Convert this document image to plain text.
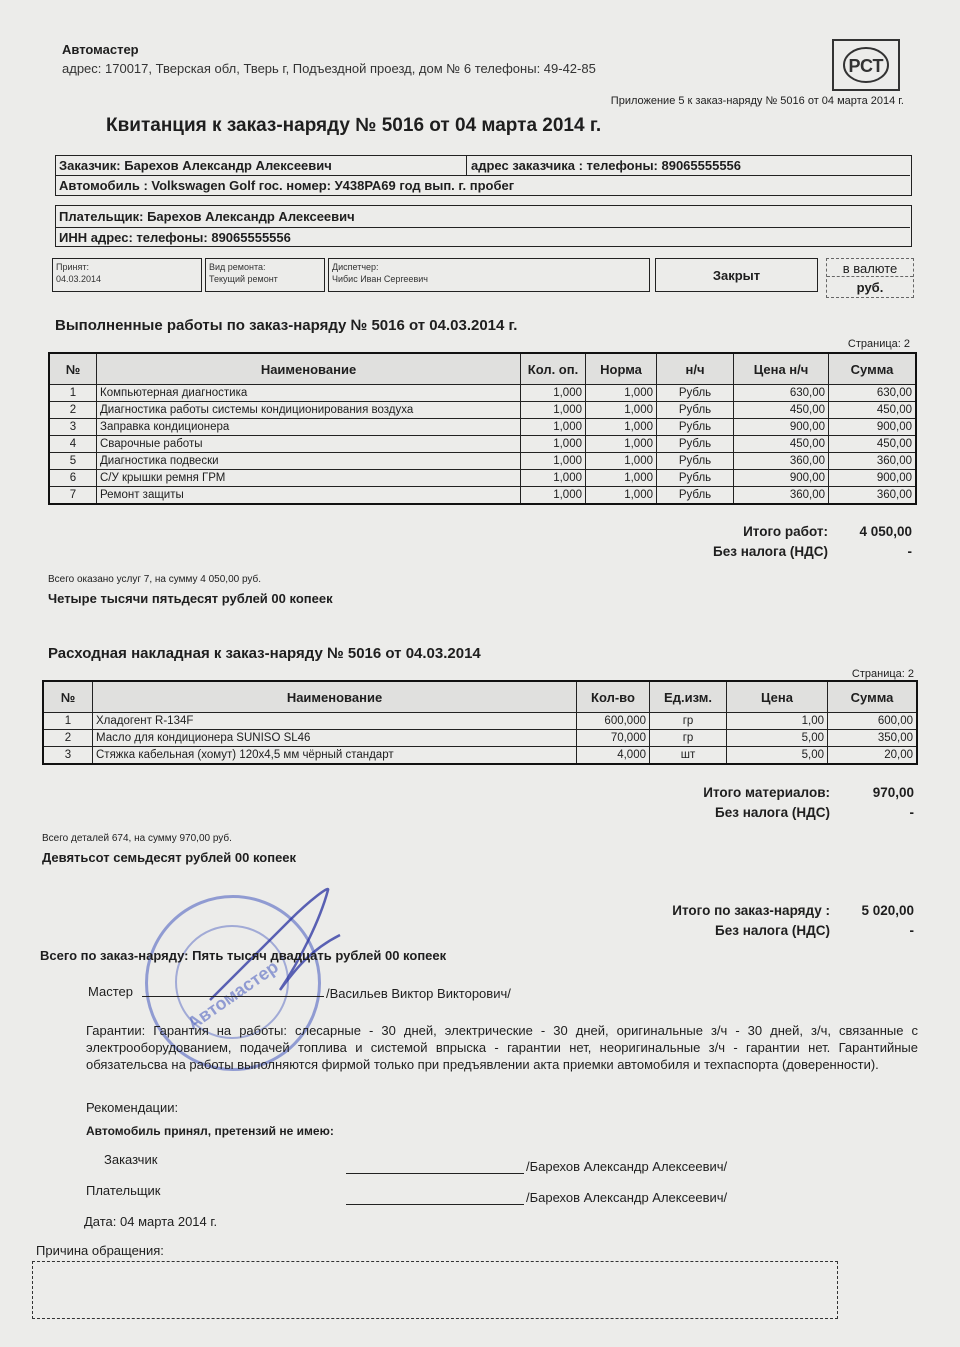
Автомастер
адрес: 170017, Тверская обл, Тверь г, Подъездной проезд, дом № 6 телефоны: 49-42-85	РСТ
Приложение 5 к заказ-наряду № 5016 от 04 марта 2014 г.
Квитанция к заказ-наряду № 5016 от 04 марта 2014 г.
Заказчик: Барехов Александр Алексеевич	адрес заказчика : телефоны: 89065555556
Автомобиль : Volkswagen Golf гос. номер: У438РА69 год вып. г. пробег
Плательщик: Барехов Александр Алексеевич
ИНН адрес: телефоны: 89065555556
Принят:
04.03.2014
Вид ремонта:
Текущий ремонт
Диспетчер:
Чибис Иван Сергеевич	Закрыт	в валюте
руб.
Выполненные работы по заказ-наряду № 5016 от 04.03.2014 г.
Страница: 2
№	Наименование	Кол. оп.	Норма	н/ч	Цена н/ч	Сумма
1	Компьютерная диагностика	1,000	1,000	Рубль	630,00	630,00
2	Диагностика работы системы кондиционирования воздуха	1,000	1,000	Рубль	450,00	450,00
3	Заправка кондиционера	1,000	1,000	Рубль	900,00	900,00
4	Сварочные работы	1,000	1,000	Рубль	450,00	450,00
5	Диагностика подвески	1,000	1,000	Рубль	360,00	360,00
6	С/У крышки ремня ГРМ	1,000	1,000	Рубль	900,00	900,00
7	Ремонт защиты	1,000	1,000	Рубль	360,00	360,00
Итого работ:	4 050,00
Без налога (НДС)	-
Всего оказано услуг 7, на сумму 4 050,00 руб.
Четыре тысячи пятьдесят рублей 00 копеек
Расходная накладная к заказ-наряду № 5016 от 04.03.2014
Страница: 2
№	Наименование	Кол-во	Ед.изм.	Цена	Сумма
1	Хладогент R-134F	600,000	гр	1,00	600,00
2	Масло для кондиционера SUNISO SL46	70,000	гр	5,00	350,00
3	Стяжка кабельная (хомут) 120х4,5 мм чёрный стандарт	4,000	шт	5,00	20,00
Итого материалов:	970,00
Без налога (НДС)	-
Всего деталей 674, на сумму 970,00 руб.
Девятьсот семьдесят рублей 00 копеек
Итого по заказ-наряду :	5 020,00
Без налога (НДС)	-
Автомастер
Всего по заказ-наряду: Пять тысяч двадцать рублей 00 копеек
Мастер	/Васильев Виктор Викторович/
Гарантии: Гарантия на работы: слесарные - 30 дней, электрические - 30 дней, оригинальные з/ч - 30 дней, з/ч, связанные с электрооборудованием, подачей топлива и системой впрыска - гарантии нет, неоригинальные з/ч - гарантии нет. Гарантийные обязательсва на работы выполняются фирмой только при предъявлении акта приемки автомобиля и техпаспорта (доверенности).
Рекомендации:
Автомобиль принял, претензий не имею:
Заказчик	/Барехов Александр Алексеевич/
Плательщик	/Барехов Александр Алексеевич/
Дата: 04 марта 2014 г.
Причина обращения:
